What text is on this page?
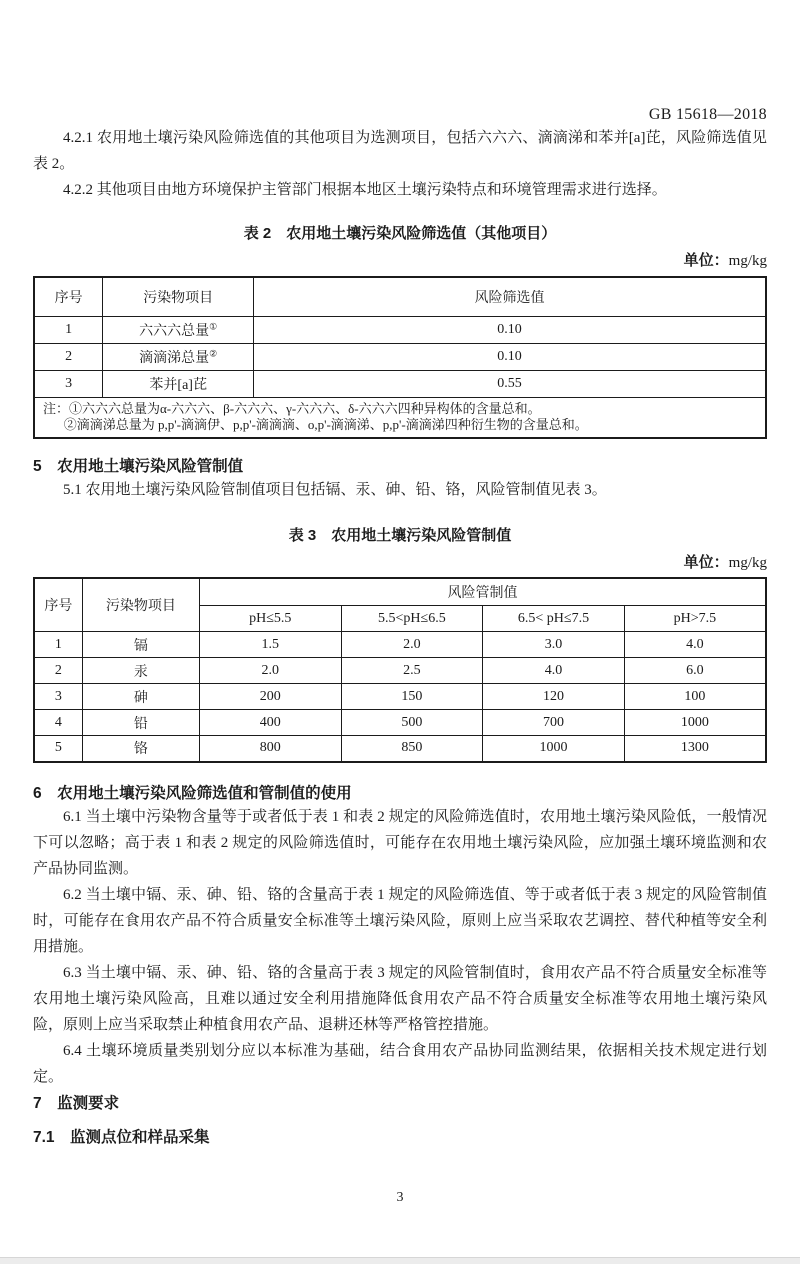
GB 15618—2018

4.2.1 农用地土壤污染风险筛选值的其他项目为选测项目，包括六六六、滴滴涕和苯并[a]芘，风险筛选值见表 2。

4.2.2 其他项目由地方环境保护主管部门根据本地区土壤污染特点和环境管理需求进行选择。

表 2　农用地土壤污染风险筛选值（其他项目）
单位：mg/kg
序号	污染物项目	风险筛选值
1	六六六总量①	0.10
2	滴滴涕总量②	0.10
3	苯并[a]芘	0.55

注：①六六六总量为α-六六六、β-六六六、γ-六六六、δ-六六六四种异构体的含量总和。
②滴滴涕总量为 p,p'-滴滴伊、p,p'-滴滴滴、o,p'-滴滴涕、p,p'-滴滴涕四种衍生物的含量总和。		
5　农用地土壤污染风险管制值

5.1 农用地土壤污染风险管制值项目包括镉、汞、砷、铅、铬，风险管制值见表 3。

表 3　农用地土壤污染风险管制值
单位：mg/kg
序号	污染物项目	风险管制值			
		pH≤5.5	5.5<pH≤6.5	6.5< pH≤7.5	pH>7.5
1	镉	1.5	2.0	3.0	4.0
2	汞	2.0	2.5	4.0	6.0
3	砷	200	150	120	100
4	铅	400	500	700	1000
5	铬	800	850	1000	1300
6　农用地土壤污染风险筛选值和管制值的使用

6.1 当土壤中污染物含量等于或者低于表 1 和表 2 规定的风险筛选值时，农用地土壤污染风险低，一般情况下可以忽略；高于表 1 和表 2 规定的风险筛选值时，可能存在农用地土壤污染风险，应加强土壤环境监测和农产品协同监测。

6.2 当土壤中镉、汞、砷、铅、铬的含量高于表 1 规定的风险筛选值、等于或者低于表 3 规定的风险管制值时，可能存在食用农产品不符合质量安全标准等土壤污染风险，原则上应当采取农艺调控、替代种植等安全利用措施。

6.3 当土壤中镉、汞、砷、铅、铬的含量高于表 3 规定的风险管制值时，食用农产品不符合质量安全标准等农用地土壤污染风险高，且难以通过安全利用措施降低食用农产品不符合质量安全标准等农用地土壤污染风险，原则上应当采取禁止种植食用农产品、退耕还林等严格管控措施。

6.4 土壤环境质量类别划分应以本标准为基础，结合食用农产品协同监测结果，依据相关技术规定进行划定。

7　监测要求
7.1　监测点位和样品采集
3
